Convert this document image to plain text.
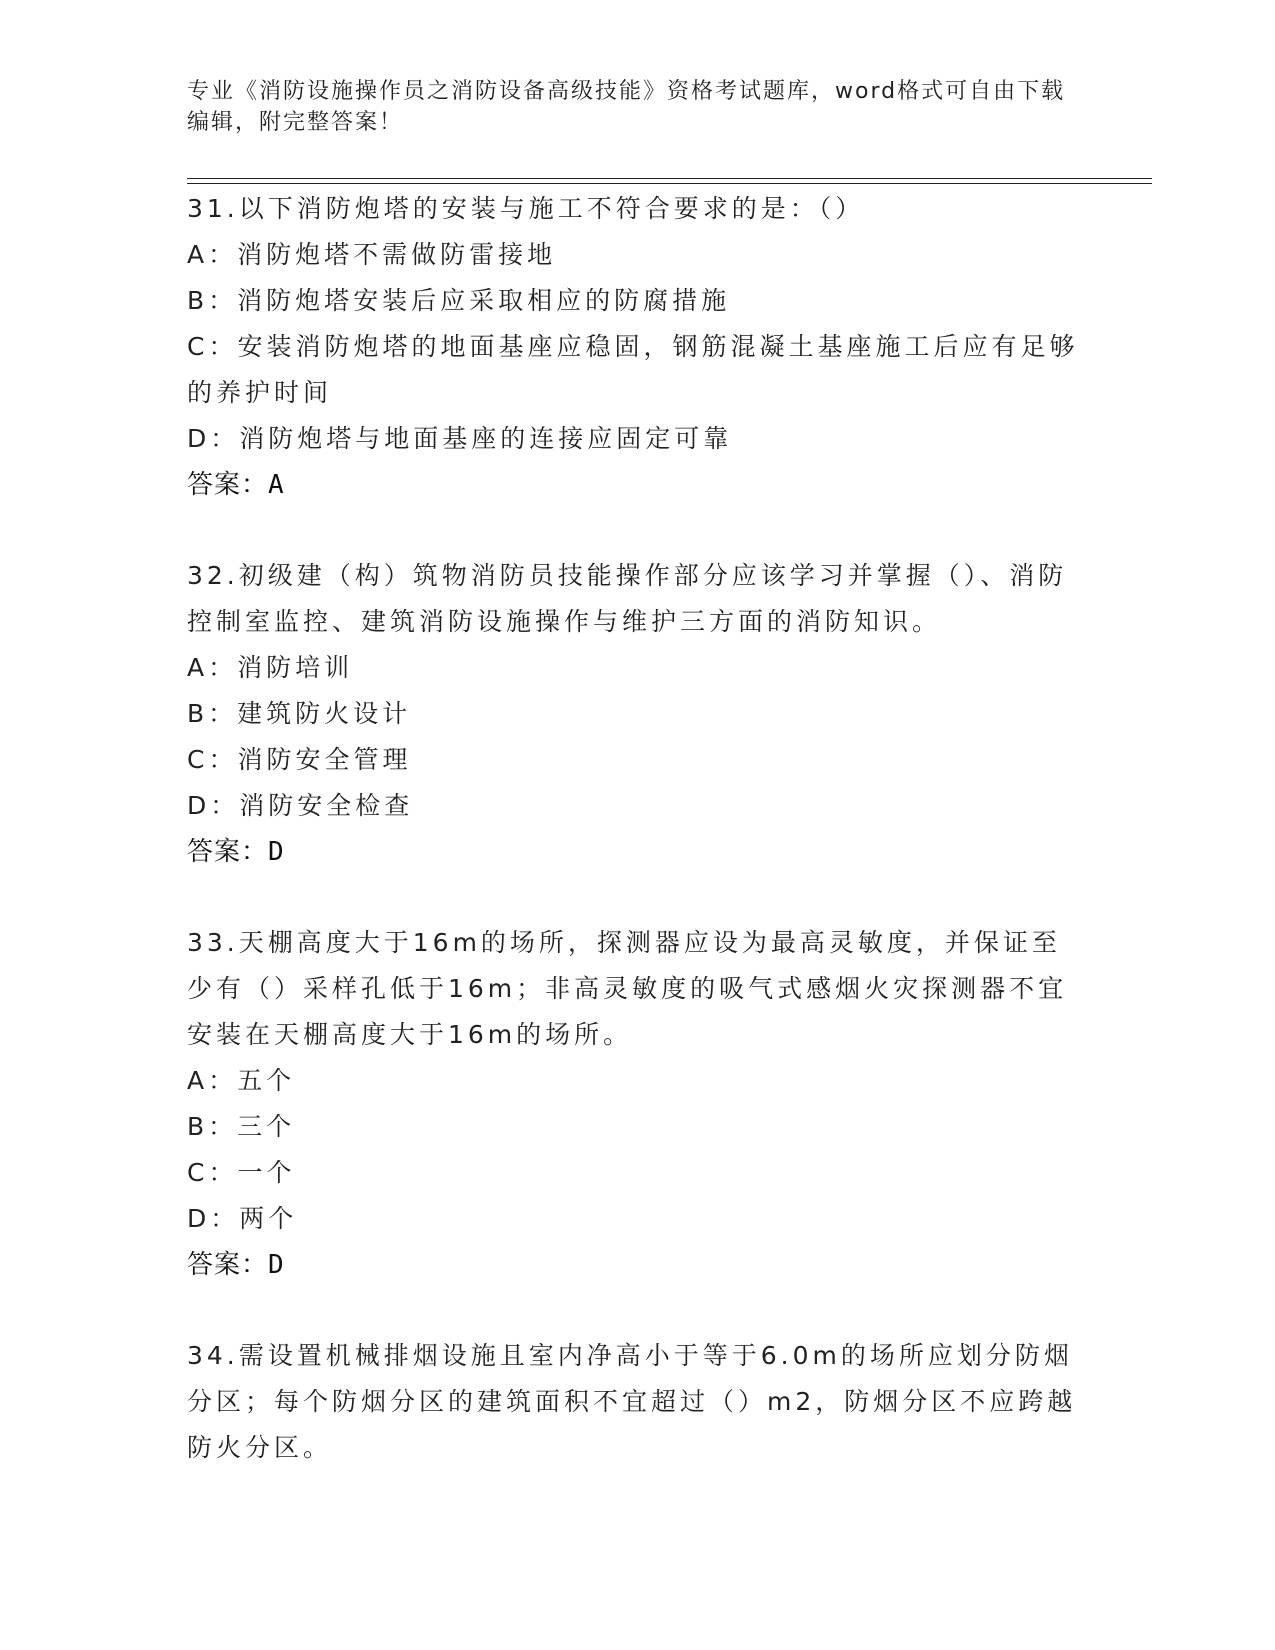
专业《消防设施操作员之消防设备高级技能》资格考试题库，word格式可自由下载编辑，附完整答案！
31.以下消防炮塔的安装与施工不符合要求的是：（）
A：消防炮塔不需做防雷接地
B：消防炮塔安装后应采取相应的防腐措施
C：安装消防炮塔的地面基座应稳固，钢筋混凝土基座施工后应有足够的养护时间
D：消防炮塔与地面基座的连接应固定可靠
答案：A
32.初级建（构）筑物消防员技能操作部分应该学习并掌握（）、消防控制室监控、建筑消防设施操作与维护三方面的消防知识。
A：消防培训
B：建筑防火设计
C：消防安全管理
D：消防安全检查
答案：D
33.天棚高度大于16m的场所，探测器应设为最高灵敏度，并保证至少有（）采样孔低于16m；非高灵敏度的吸气式感烟火灾探测器不宜安装在天棚高度大于16m的场所。
A：五个
B：三个
C：一个
D：两个
答案：D
34.需设置机械排烟设施且室内净高小于等于6.0m的场所应划分防烟分区；每个防烟分区的建筑面积不宜超过（）m2，防烟分区不应跨越防火分区。
